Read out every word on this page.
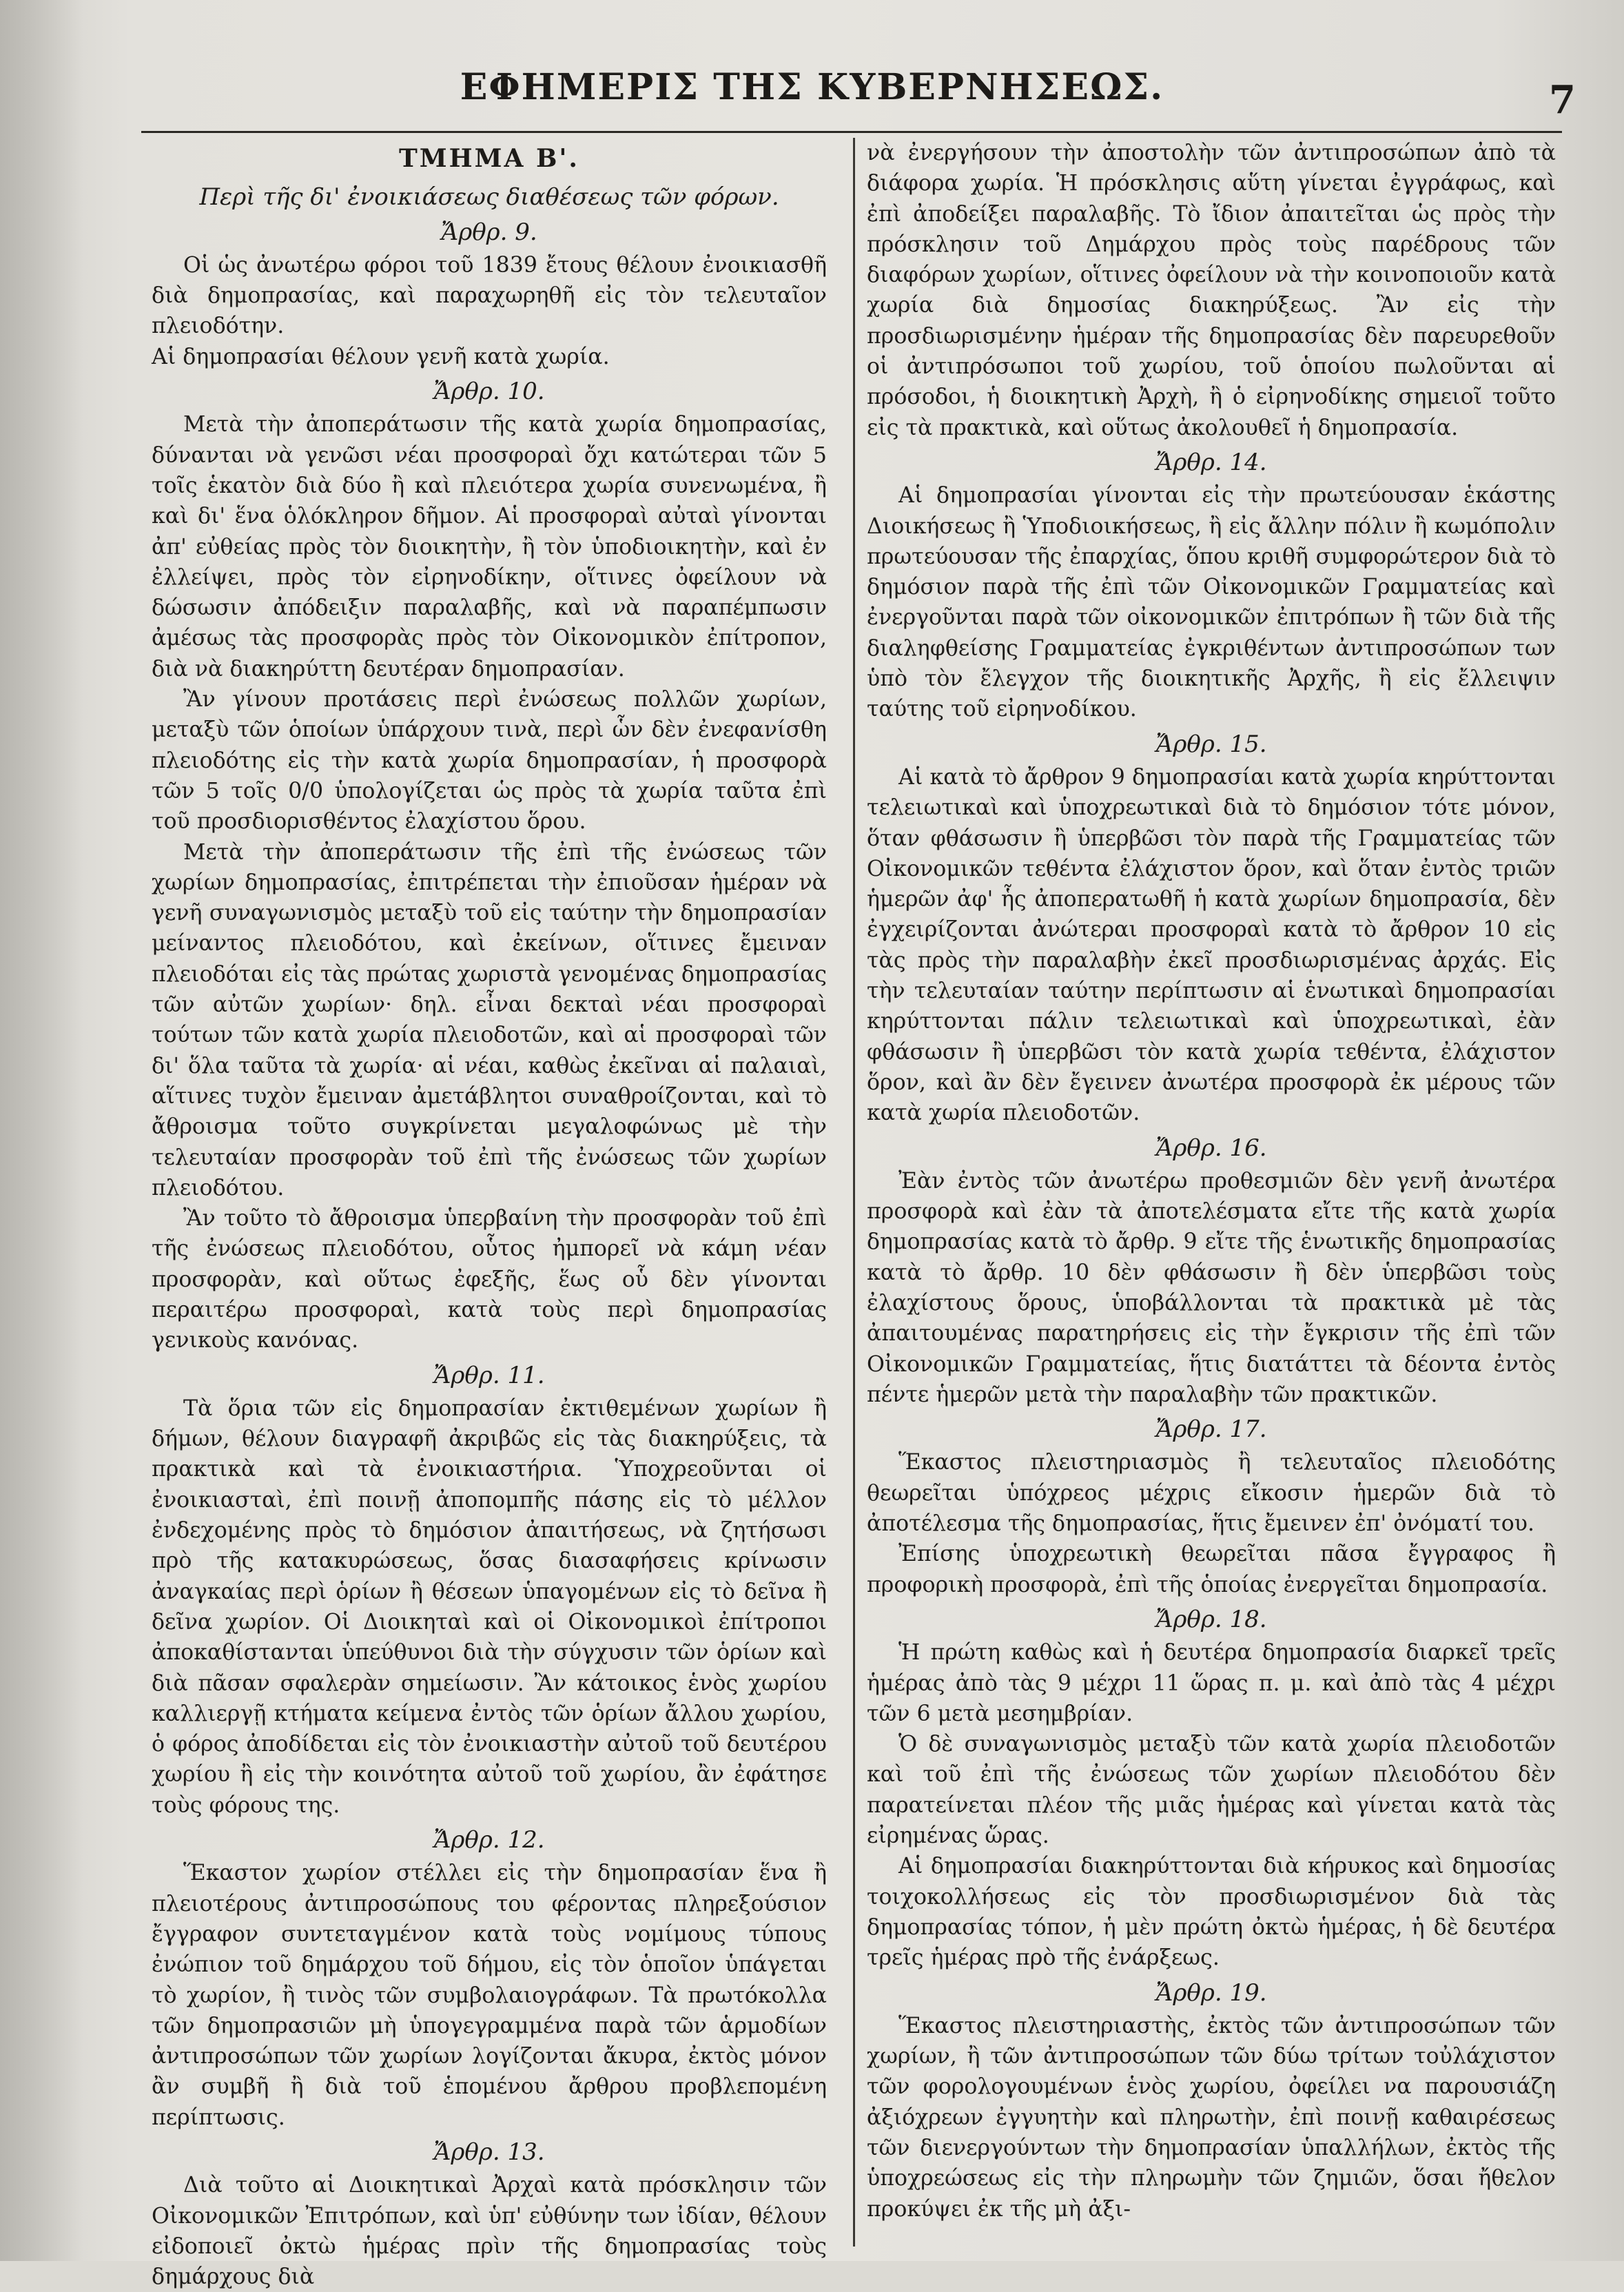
ΕΦΗΜΕΡΙΣ ΤΗΣ ΚΥΒΕΡΝΗΣΕΩΣ.	7
ΤΜΗΜΑ Β'.
Περὶ τῆς δι' ἐνοικιάσεως διαθέσεως τῶν φόρων.
Ἄρθρ. 9.

Οἱ ὡς ἀνωτέρω φόροι τοῦ 1839 ἔτους θέλουν ἐνοικιασθῆ διὰ δημοπρασίας, καὶ παραχωρηθῆ εἰς τὸν τελευταῖον πλειοδότην.

Αἱ δημοπρασίαι θέλουν γενῆ κατὰ χωρία.

Ἄρθρ. 10.

Μετὰ τὴν ἀποπεράτωσιν τῆς κατὰ χωρία δημοπρασίας, δύνανται νὰ γενῶσι νέαι προσφοραὶ ὄχι κατώτεραι τῶν 5 τοῖς ἑκατὸν διὰ δύο ἢ καὶ πλειότερα χωρία συνενωμένα, ἢ καὶ δι' ἕνα ὁλόκληρον δῆμον. Αἱ προσφοραὶ αὐταὶ γίνονται ἀπ' εὐθείας πρὸς τὸν διοικητὴν, ἢ τὸν ὑποδιοικητὴν, καὶ ἐν ἐλλείψει, πρὸς τὸν εἰρηνοδίκην, οἵτινες ὀφείλουν νὰ δώσωσιν ἀπόδειξιν παραλαβῆς, καὶ νὰ παραπέμπωσιν ἀμέσως τὰς προσφορὰς πρὸς τὸν Οἰκονομικὸν ἐπίτροπον, διὰ νὰ διακηρύττη δευτέραν δημοπρασίαν.

Ἂν γίνουν προτάσεις περὶ ἐνώσεως πολλῶν χωρίων, μεταξὺ τῶν ὁποίων ὑπάρχουν τινὰ, περὶ ὧν δὲν ἐνεφανίσθη πλειοδότης εἰς τὴν κατὰ χωρία δημοπρασίαν, ἡ προσφορὰ τῶν 5 τοῖς 0/0 ὑπολογίζεται ὡς πρὸς τὰ χωρία ταῦτα ἐπὶ τοῦ προσδιορισθέντος ἐλαχίστου ὅρου.

Μετὰ τὴν ἀποπεράτωσιν τῆς ἐπὶ τῆς ἐνώσεως τῶν χωρίων δημοπρασίας, ἐπιτρέπεται τὴν ἐπιοῦσαν ἡμέραν νὰ γενῆ συναγωνισμὸς μεταξὺ τοῦ εἰς ταύτην τὴν δημοπρασίαν μείναντος πλειοδότου, καὶ ἐκείνων, οἵτινες ἔμειναν πλειοδόται εἰς τὰς πρώτας χωριστὰ γενομένας δημοπρασίας τῶν αὐτῶν χωρίων· δηλ. εἶναι δεκταὶ νέαι προσφοραὶ τούτων τῶν κατὰ χωρία πλειοδοτῶν, καὶ αἱ προσφοραὶ τῶν δι' ὅλα ταῦτα τὰ χωρία· αἱ νέαι, καθὼς ἐκεῖναι αἱ παλαιαὶ, αἵτινες τυχὸν ἔμειναν ἀμετάβλητοι συναθροίζονται, καὶ τὸ ἄθροισμα τοῦτο συγκρίνεται μεγαλοφώνως μὲ τὴν τελευταίαν προσφορὰν τοῦ ἐπὶ τῆς ἐνώσεως τῶν χωρίων πλειοδότου.

Ἂν τοῦτο τὸ ἄθροισμα ὑπερβαίνη τὴν προσφορὰν τοῦ ἐπὶ τῆς ἐνώσεως πλειοδότου, οὗτος ἠμπορεῖ νὰ κάμη νέαν προσφορὰν, καὶ οὕτως ἐφεξῆς, ἕως οὗ δὲν γίνονται περαιτέρω προσφοραὶ, κατὰ τοὺς περὶ δημοπρασίας γενικοὺς κανόνας.

Ἄρθρ. 11.

Τὰ ὅρια τῶν εἰς δημοπρασίαν ἐκτιθεμένων χωρίων ἢ δήμων, θέλουν διαγραφῆ ἀκριβῶς εἰς τὰς διακηρύξεις, τὰ πρακτικὰ καὶ τὰ ἐνοικιαστήρια. Ὑποχρεοῦνται οἱ ἐνοικιασταὶ, ἐπὶ ποινῇ ἀποπομπῆς πάσης εἰς τὸ μέλλον ἐνδεχομένης πρὸς τὸ δημόσιον ἀπαιτήσεως, νὰ ζητήσωσι πρὸ τῆς κατακυρώσεως, ὅσας διασαφήσεις κρίνωσιν ἀναγκαίας περὶ ὁρίων ἢ θέσεων ὑπαγομένων εἰς τὸ δεῖνα ἢ δεῖνα χωρίον. Οἱ Διοικηταὶ καὶ οἱ Οἰκονομικοὶ ἐπίτροποι ἀποκαθίστανται ὑπεύθυνοι διὰ τὴν σύγχυσιν τῶν ὁρίων καὶ διὰ πᾶσαν σφαλερὰν σημείωσιν. Ἂν κάτοικος ἑνὸς χωρίου καλλιεργῇ κτήματα κείμενα ἐντὸς τῶν ὁρίων ἄλλου χωρίου, ὁ φόρος ἀποδίδεται εἰς τὸν ἐνοικιαστὴν αὐτοῦ τοῦ δευτέρου χωρίου ἢ εἰς τὴν κοινότητα αὐτοῦ τοῦ χωρίου, ἂν ἐφάτησε τοὺς φόρους της.

Ἄρθρ. 12.

Ἕκαστον χωρίον στέλλει εἰς τὴν δημοπρασίαν ἕνα ἢ πλειοτέρους ἀντιπροσώπους του φέροντας πληρεξούσιον ἔγγραφον συντεταγμένον κατὰ τοὺς νομίμους τύπους ἐνώπιον τοῦ δημάρχου τοῦ δήμου, εἰς τὸν ὁποῖον ὑπάγεται τὸ χωρίον, ἢ τινὸς τῶν συμβολαιογράφων. Τὰ πρωτόκολλα τῶν δημοπρασιῶν μὴ ὑπογεγραμμένα παρὰ τῶν ἁρμοδίων ἀντιπροσώπων τῶν χωρίων λογίζονται ἄκυρα, ἐκτὸς μόνον ἂν συμβῆ ἢ διὰ τοῦ ἑπομένου ἄρθρου προβλεπομένη περίπτωσις.

Ἄρθρ. 13.

Διὰ τοῦτο αἱ Διοικητικαὶ Ἀρχαὶ κατὰ πρόσκλησιν τῶν Οἰκονομικῶν Ἐπιτρόπων, καὶ ὑπ' εὐθύνην των ἰδίαν, θέλουν εἰδοποιεῖ ὀκτὼ ἡμέρας πρὶν τῆς δημοπρασίας τοὺς δημάρχους διὰ

νὰ ἐνεργήσουν τὴν ἀποστολὴν τῶν ἀντιπροσώπων ἀπὸ τὰ διάφορα χωρία. Ἡ πρόσκλησις αὕτη γίνεται ἐγγράφως, καὶ ἐπὶ ἀποδείξει παραλαβῆς. Τὸ ἴδιον ἀπαιτεῖται ὡς πρὸς τὴν πρόσκλησιν τοῦ Δημάρχου πρὸς τοὺς παρέδρους τῶν διαφόρων χωρίων, οἵτινες ὀφείλουν νὰ τὴν κοινοποιοῦν κατὰ χωρία διὰ δημοσίας διακηρύξεως. Ἂν εἰς τὴν προσδιωρισμένην ἡμέραν τῆς δημοπρασίας δὲν παρευρεθοῦν οἱ ἀντιπρόσωποι τοῦ χωρίου, τοῦ ὁποίου πωλοῦνται αἱ πρόσοδοι, ἡ διοικητικὴ Ἀρχὴ, ἢ ὁ εἰρηνοδίκης σημειοῖ τοῦτο εἰς τὰ πρακτικὰ, καὶ οὕτως ἀκολουθεῖ ἡ δημοπρασία.

Ἄρθρ. 14.

Αἱ δημοπρασίαι γίνονται εἰς τὴν πρωτεύουσαν ἑκάστης Διοικήσεως ἢ Ὑποδιοικήσεως, ἢ εἰς ἄλλην πόλιν ἢ κωμόπολιν πρωτεύουσαν τῆς ἐπαρχίας, ὅπου κριθῆ συμφορώτερον διὰ τὸ δημόσιον παρὰ τῆς ἐπὶ τῶν Οἰκονομικῶν Γραμματείας καὶ ἐνεργοῦνται παρὰ τῶν οἰκονομικῶν ἐπιτρόπων ἢ τῶν διὰ τῆς διαληφθείσης Γραμματείας ἐγκριθέντων ἀντιπροσώπων των ὑπὸ τὸν ἔλεγχον τῆς διοικητικῆς Ἀρχῆς, ἢ εἰς ἔλλειψιν ταύτης τοῦ εἰρηνοδίκου.

Ἄρθρ. 15.

Αἱ κατὰ τὸ ἄρθρον 9 δημοπρασίαι κατὰ χωρία κηρύττονται τελειωτικαὶ καὶ ὑποχρεωτικαὶ διὰ τὸ δημόσιον τότε μόνον, ὅταν φθάσωσιν ἢ ὑπερβῶσι τὸν παρὰ τῆς Γραμματείας τῶν Οἰκονομικῶν τεθέντα ἐλάχιστον ὅρον, καὶ ὅταν ἐντὸς τριῶν ἡμερῶν ἀφ' ἧς ἀποπερατωθῆ ἡ κατὰ χωρίων δημοπρασία, δὲν ἐγχειρίζονται ἀνώτεραι προσφοραὶ κατὰ τὸ ἄρθρον 10 εἰς τὰς πρὸς τὴν παραλαβὴν ἐκεῖ προσδιωρισμένας ἀρχάς. Εἰς τὴν τελευταίαν ταύτην περίπτωσιν αἱ ἑνωτικαὶ δημοπρασίαι κηρύττονται πάλιν τελειωτικαὶ καὶ ὑποχρεωτικαὶ, ἐὰν φθάσωσιν ἢ ὑπερβῶσι τὸν κατὰ χωρία τεθέντα, ἐλάχιστον ὅρον, καὶ ἂν δὲν ἔγεινεν ἀνωτέρα προσφορὰ ἐκ μέρους τῶν κατὰ χωρία πλειοδοτῶν.

Ἄρθρ. 16.

Ἐὰν ἐντὸς τῶν ἀνωτέρω προθεσμιῶν δὲν γενῆ ἀνωτέρα προσφορὰ καὶ ἐὰν τὰ ἀποτελέσματα εἴτε τῆς κατὰ χωρία δημοπρασίας κατὰ τὸ ἄρθρ. 9 εἴτε τῆς ἑνωτικῆς δημοπρασίας κατὰ τὸ ἄρθρ. 10 δὲν φθάσωσιν ἢ δὲν ὑπερβῶσι τοὺς ἐλαχίστους ὅρους, ὑποβάλλονται τὰ πρακτικὰ μὲ τὰς ἀπαιτουμένας παρατηρήσεις εἰς τὴν ἔγκρισιν τῆς ἐπὶ τῶν Οἰκονομικῶν Γραμματείας, ἥτις διατάττει τὰ δέοντα ἐντὸς πέντε ἡμερῶν μετὰ τὴν παραλαβὴν τῶν πρακτικῶν.

Ἄρθρ. 17.

Ἕκαστος πλειστηριασμὸς ἢ τελευταῖος πλειοδότης θεωρεῖται ὑπόχρεος μέχρις εἴκοσιν ἡμερῶν διὰ τὸ ἀποτέλεσμα τῆς δημοπρασίας, ἥτις ἔμεινεν ἐπ' ὀνόματί του.

Ἐπίσης ὑποχρεωτικὴ θεωρεῖται πᾶσα ἔγγραφος ἢ προφορικὴ προσφορὰ, ἐπὶ τῆς ὁποίας ἐνεργεῖται δημοπρασία.

Ἄρθρ. 18.

Ἡ πρώτη καθὼς καὶ ἡ δευτέρα δημοπρασία διαρκεῖ τρεῖς ἡμέρας ἀπὸ τὰς 9 μέχρι 11 ὥρας π. μ. καὶ ἀπὸ τὰς 4 μέχρι τῶν 6 μετὰ μεσημβρίαν.

Ὁ δὲ συναγωνισμὸς μεταξὺ τῶν κατὰ χωρία πλειοδοτῶν καὶ τοῦ ἐπὶ τῆς ἐνώσεως τῶν χωρίων πλειοδότου δὲν παρατείνεται πλέον τῆς μιᾶς ἡμέρας καὶ γίνεται κατὰ τὰς εἰρημένας ὥρας.

Αἱ δημοπρασίαι διακηρύττονται διὰ κήρυκος καὶ δημοσίας τοιχοκολλήσεως εἰς τὸν προσδιωρισμένον διὰ τὰς δημοπρασίας τόπον, ἡ μὲν πρώτη ὀκτὼ ἡμέρας, ἡ δὲ δευτέρα τρεῖς ἡμέρας πρὸ τῆς ἐνάρξεως.

Ἄρθρ. 19.

Ἕκαστος πλειστηριαστὴς, ἐκτὸς τῶν ἀντιπροσώπων τῶν χωρίων, ἢ τῶν ἀντιπροσώπων τῶν δύω τρίτων τοὐλάχιστον τῶν φορολογουμένων ἑνὸς χωρίου, ὀφείλει να παρουσιάζη ἀξιόχρεων ἐγγυητὴν καὶ πληρωτὴν, ἐπὶ ποινῇ καθαιρέσεως τῶν διενεργούντων τὴν δημοπρασίαν ὑπαλλήλων, ἐκτὸς τῆς ὑποχρεώσεως εἰς τὴν πληρωμὴν τῶν ζημιῶν, ὅσαι ἤθελον προκύψει ἐκ τῆς μὴ ἀξι-
